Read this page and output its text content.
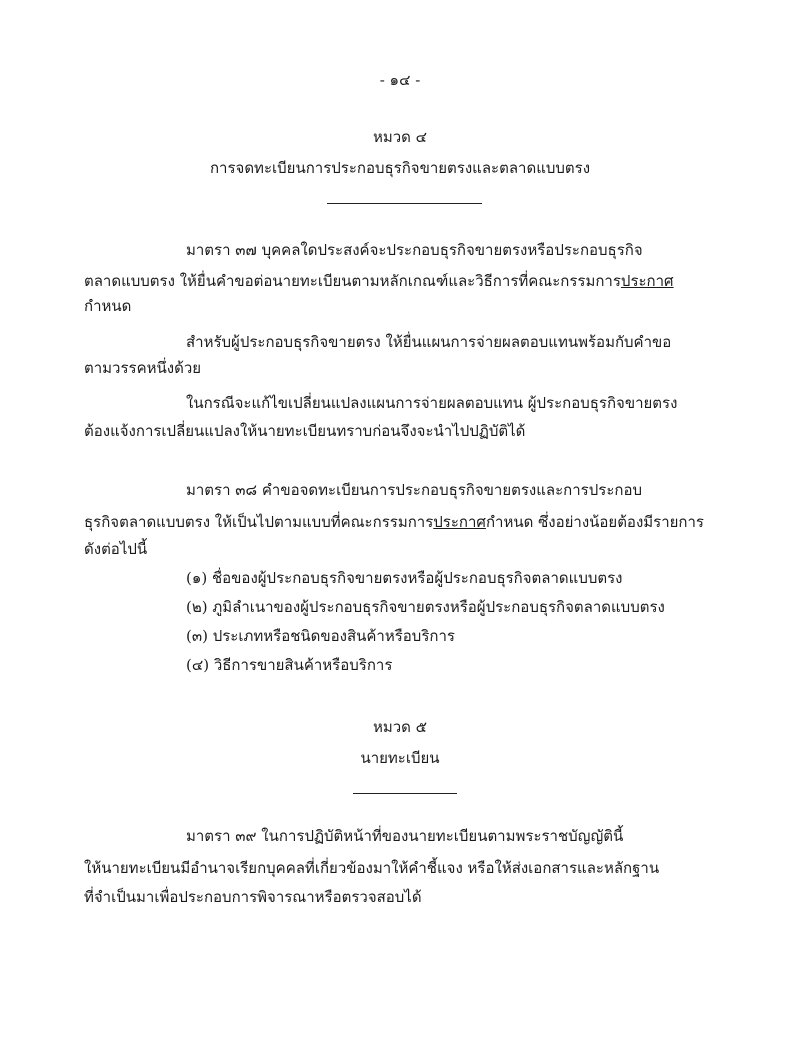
- ๑๔ -
หมวด ๔
การจดทะเบียนการประกอบธุรกิจขายตรงและตลาดแบบตรง
มาตรา ๓๗ บุคคลใดประสงค์จะประกอบธุรกิจขายตรงหรือประกอบธุรกิจ
ตลาดแบบตรง ให้ยื่นคำขอต่อนายทะเบียนตามหลักเกณฑ์และวิธีการที่คณะกรรมการประกาศ
กำหนด
สำหรับผู้ประกอบธุรกิจขายตรง ให้ยื่นแผนการจ่ายผลตอบแทนพร้อมกับคำขอ
ตามวรรคหนึ่งด้วย
ในกรณีจะแก้ไขเปลี่ยนแปลงแผนการจ่ายผลตอบแทน ผู้ประกอบธุรกิจขายตรง
ต้องแจ้งการเปลี่ยนแปลงให้นายทะเบียนทราบก่อนจึงจะนำไปปฏิบัติได้
มาตรา ๓๘ คำขอจดทะเบียนการประกอบธุรกิจขายตรงและการประกอบ
ธุรกิจตลาดแบบตรง ให้เป็นไปตามแบบที่คณะกรรมการประกาศกำหนด ซึ่งอย่างน้อยต้องมีรายการ
ดังต่อไปนี้
(๑) ชื่อของผู้ประกอบธุรกิจขายตรงหรือผู้ประกอบธุรกิจตลาดแบบตรง
(๒) ภูมิลำเนาของผู้ประกอบธุรกิจขายตรงหรือผู้ประกอบธุรกิจตลาดแบบตรง
(๓) ประเภทหรือชนิดของสินค้าหรือบริการ
(๔) วิธีการขายสินค้าหรือบริการ
หมวด ๕
นายทะเบียน
มาตรา ๓๙ ในการปฏิบัติหน้าที่ของนายทะเบียนตามพระราชบัญญัตินี้
ให้นายทะเบียนมีอำนาจเรียกบุคคลที่เกี่ยวข้องมาให้คำชี้แจง หรือให้ส่งเอกสารและหลักฐาน
ที่จำเป็นมาเพื่อประกอบการพิจารณาหรือตรวจสอบได้
